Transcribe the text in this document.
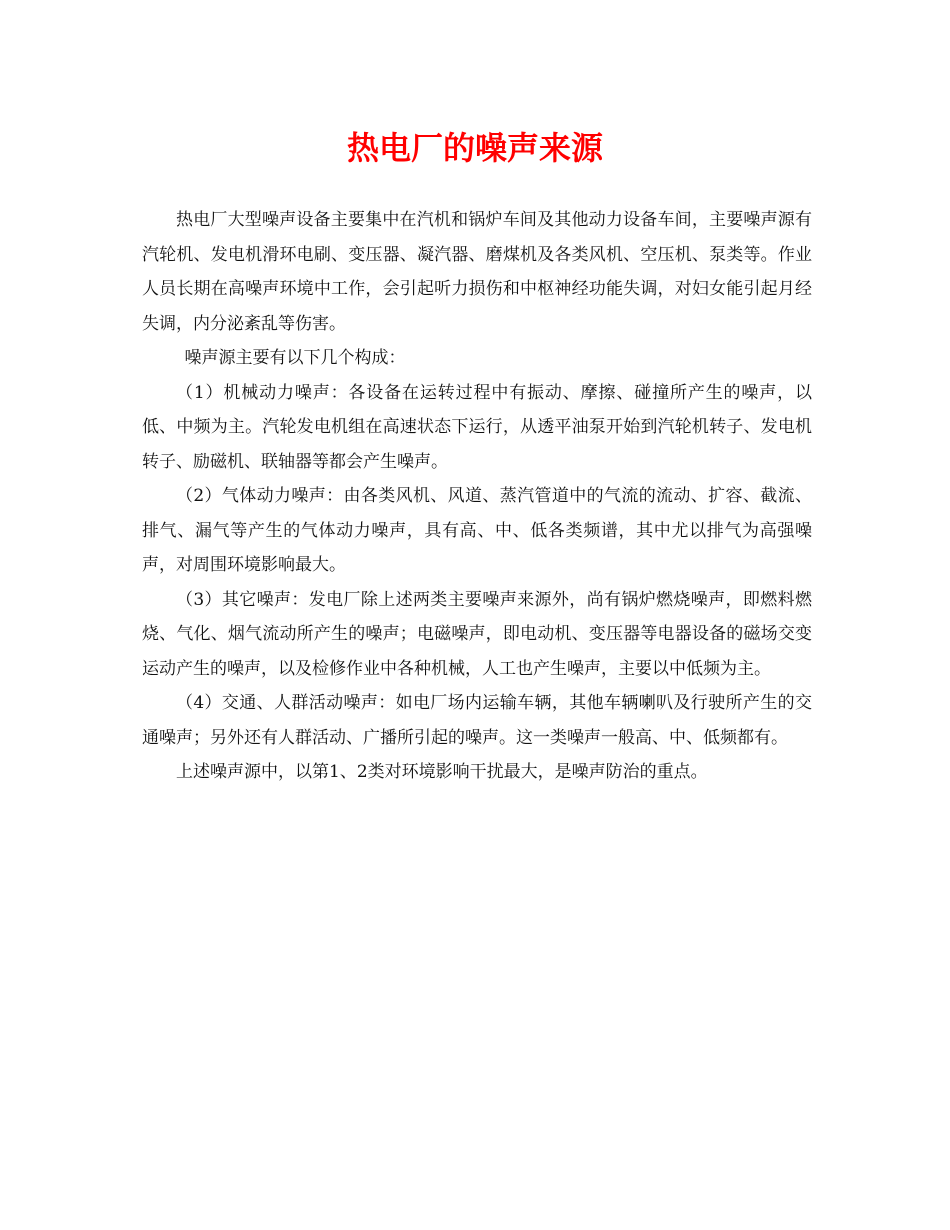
热电厂的噪声来源

热电厂大型噪声设备主要集中在汽机和锅炉车间及其他动力设备车间，主要噪声源有汽轮机、发电机滑环电刷、变压器、凝汽器、磨煤机及各类风机、空压机、泵类等。作业人员长期在高噪声环境中工作，会引起听力损伤和中枢神经功能失调，对妇女能引起月经失调，内分泌紊乱等伤害。

噪声源主要有以下几个构成：

（1）机械动力噪声：各设备在运转过程中有振动、摩擦、碰撞所产生的噪声，以低、中频为主。汽轮发电机组在高速状态下运行，从透平油泵开始到汽轮机转子、发电机转子、励磁机、联轴器等都会产生噪声。

（2）气体动力噪声：由各类风机、风道、蒸汽管道中的气流的流动、扩容、截流、排气、漏气等产生的气体动力噪声，具有高、中、低各类频谱，其中尤以排气为高强噪声，对周围环境影响最大。

（3）其它噪声：发电厂除上述两类主要噪声来源外，尚有锅炉燃烧噪声，即燃料燃烧、气化、烟气流动所产生的噪声；电磁噪声，即电动机、变压器等电器设备的磁场交变运动产生的噪声，以及检修作业中各种机械，人工也产生噪声，主要以中低频为主。

（4）交通、人群活动噪声：如电厂场内运输车辆，其他车辆喇叭及行驶所产生的交通噪声；另外还有人群活动、广播所引起的噪声。这一类噪声一般高、中、低频都有。

上述噪声源中，以第1、2类对环境影响干扰最大，是噪声防治的重点。
